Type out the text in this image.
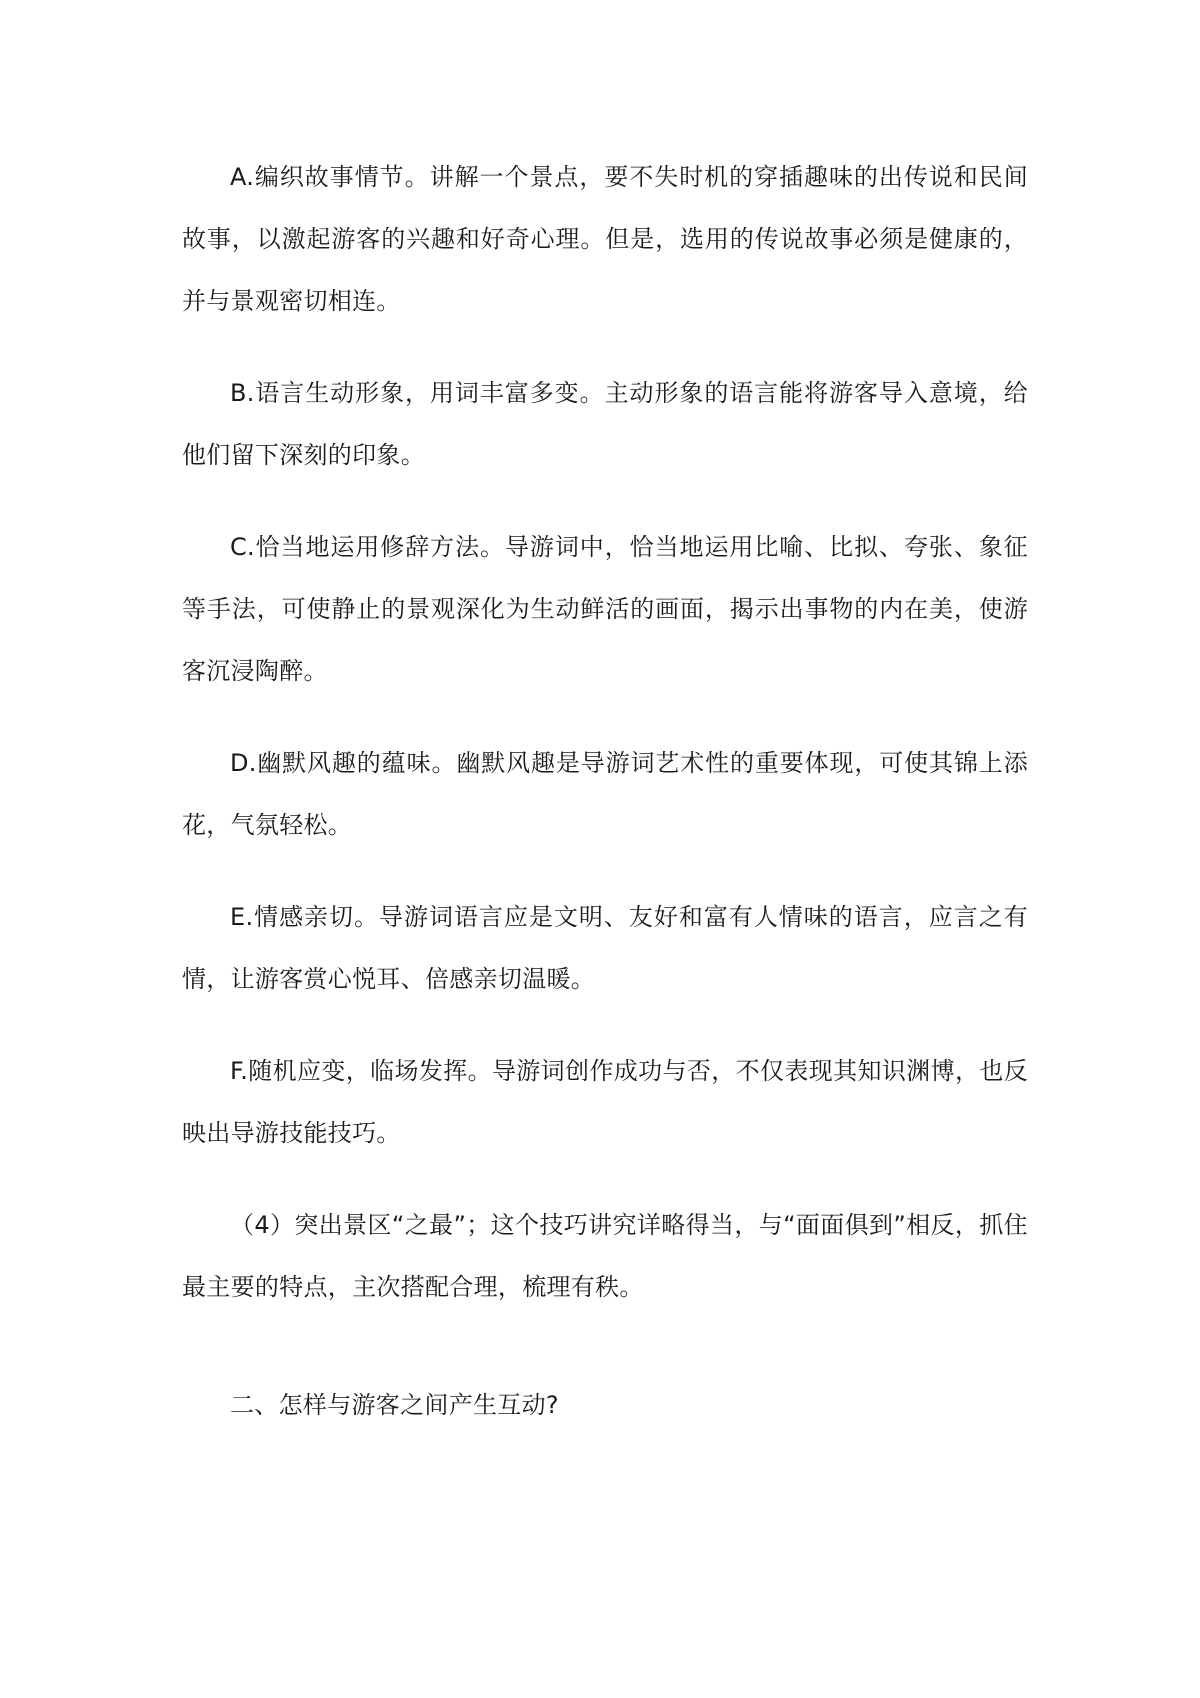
A.编织故事情节。讲解一个景点，要不失时机的穿插趣味的出传说和民间故事，以激起游客的兴趣和好奇心理。但是，选用的传说故事必须是健康的，并与景观密切相连。

B.语言生动形象，用词丰富多变。主动形象的语言能将游客导入意境，给他们留下深刻的印象。

C.恰当地运用修辞方法。导游词中，恰当地运用比喻、比拟、夸张、象征等手法，可使静止的景观深化为生动鲜活的画面，揭示出事物的内在美，使游客沉浸陶醉。

D.幽默风趣的蕴味。幽默风趣是导游词艺术性的重要体现，可使其锦上添花，气氛轻松。

E.情感亲切。导游词语言应是文明、友好和富有人情味的语言，应言之有情，让游客赏心悦耳、倍感亲切温暖。

F.随机应变，临场发挥。导游词创作成功与否，不仅表现其知识渊博，也反映出导游技能技巧。

（4）突出景区“之最”；这个技巧讲究详略得当，与“面面俱到”相反，抓住最主要的特点，主次搭配合理，梳理有秩。

二、怎样与游客之间产生互动?
